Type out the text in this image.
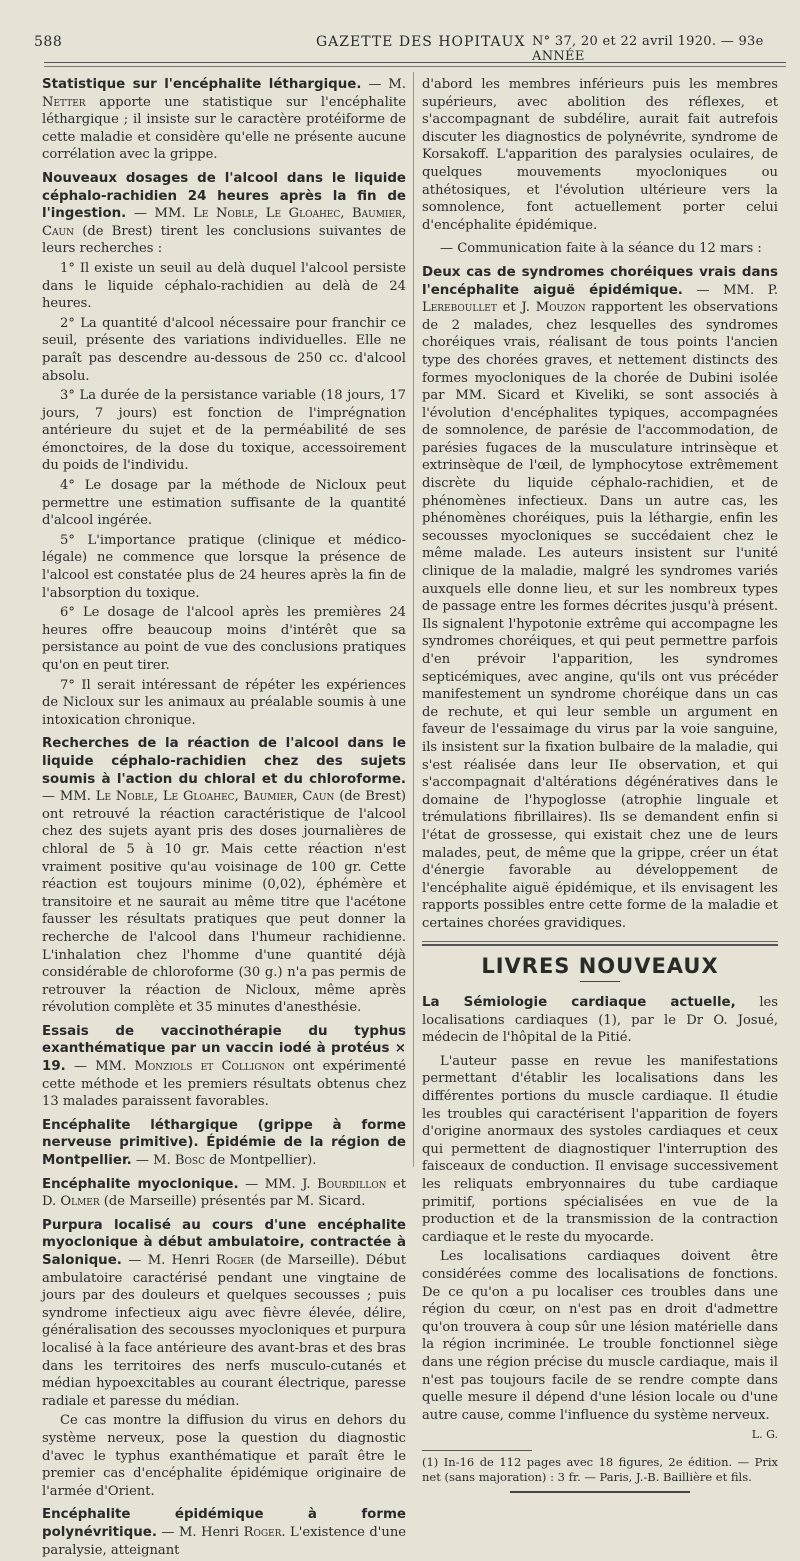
588	GAZETTE DES HOPITAUX N° 37, 20 et 22 avril 1920. — 93e ANNÉE

Statistique sur l'encéphalite léthargique. — M. Netter apporte une statistique sur l'encéphalite léthargique ; il insiste sur le caractère protéiforme de cette maladie et considère qu'elle ne présente aucune corrélation avec la grippe.

Nouveaux dosages de l'alcool dans le liquide céphalo-rachidien 24 heures après la fin de l'ingestion. — MM. Le Noble, Le Gloahec, Baumier, Caun (de Brest) tirent les conclusions suivantes de leurs recherches :

1° Il existe un seuil au delà duquel l'alcool persiste dans le liquide céphalo-rachidien au delà de 24 heures.

2° La quantité d'alcool nécessaire pour franchir ce seuil, présente des variations individuelles. Elle ne paraît pas descendre au-dessous de 250 cc. d'alcool absolu.

3° La durée de la persistance variable (18 jours, 17 jours, 7 jours) est fonction de l'imprégnation antérieure du sujet et de la perméabilité de ses émonctoires, de la dose du toxique, accessoirement du poids de l'individu.

4° Le dosage par la méthode de Nicloux peut permettre une estimation suffisante de la quantité d'alcool ingérée.

5° L'importance pratique (clinique et médico-légale) ne commence que lorsque la présence de l'alcool est constatée plus de 24 heures après la fin de l'absorption du toxique.

6° Le dosage de l'alcool après les premières 24 heures offre beaucoup moins d'intérêt que sa persistance au point de vue des conclusions pratiques qu'on en peut tirer.

7° Il serait intéressant de répéter les expériences de Nicloux sur les animaux au préalable soumis à une intoxication chronique.

Recherches de la réaction de l'alcool dans le liquide céphalo-rachidien chez des sujets soumis à l'action du chloral et du chloroforme. — MM. Le Noble, Le Gloahec, Baumier, Caun (de Brest) ont retrouvé la réaction caractéristique de l'alcool chez des sujets ayant pris des doses journalières de chloral de 5 à 10 gr. Mais cette réaction n'est vraiment positive qu'au voisinage de 100 gr. Cette réaction est toujours minime (0,02), éphémère et transitoire et ne saurait au même titre que l'acétone fausser les résultats pratiques que peut donner la recherche de l'alcool dans l'humeur rachidienne. L'inhalation chez l'homme d'une quantité déjà considérable de chloroforme (30 g.) n'a pas permis de retrouver la réaction de Nicloux, même après révolution complète et 35 minutes d'anesthésie.

Essais de vaccinothérapie du typhus exanthématique par un vaccin iodé à protéus × 19. — MM. Monziols et Collignon ont expérimenté cette méthode et les premiers résultats obtenus chez 13 malades paraissent favorables.

Encéphalite léthargique (grippe à forme nerveuse primitive). Épidémie de la région de Montpellier. — M. Bosc de Montpellier).

Encéphalite myoclonique. — MM. J. Bourdillon et D. Olmer (de Marseille) présentés par M. Sicard.

Purpura localisé au cours d'une encéphalite myoclonique à début ambulatoire, contractée à Salonique. — M. Henri Roger (de Marseille). Début ambulatoire caractérisé pendant une vingtaine de jours par des douleurs et quelques secousses ; puis syndrome infectieux aigu avec fièvre élevée, délire, généralisation des secousses myocloniques et purpura localisé à la face antérieure des avant-bras et des bras dans les territoires des nerfs musculo-cutanés et médian hypoexcitables au courant électrique, paresse radiale et paresse du médian.

Ce cas montre la diffusion du virus en dehors du système nerveux, pose la question du diagnostic d'avec le typhus exanthématique et paraît être le premier cas d'encéphalite épidémique originaire de l'armée d'Orient.

Encéphalite épidémique à forme polynévritique. — M. Henri Roger. L'existence d'une paralysie, atteignant

d'abord les membres inférieurs puis les membres supérieurs, avec abolition des réflexes, et s'accompagnant de subdélire, aurait fait autrefois discuter les diagnostics de polynévrite, syndrome de Korsakoff. L'apparition des paralysies oculaires, de quelques mouvements myocloniques ou athétosiques, et l'évolution ultérieure vers la somnolence, font actuellement porter celui d'encéphalite épidémique.

— Communication faite à la séance du 12 mars :

Deux cas de syndromes choréiques vrais dans l'encéphalite aiguë épidémique. — MM. P. Lereboullet et J. Mouzon rapportent les observations de 2 malades, chez lesquelles des syndromes choréiques vrais, réalisant de tous points l'ancien type des chorées graves, et nettement distincts des formes myocloniques de la chorée de Dubini isolée par MM. Sicard et Kiveliki, se sont associés à l'évolution d'encéphalites typiques, accompagnées de somnolence, de parésie de l'accommodation, de parésies fugaces de la musculature intrinsèque et extrinsèque de l'œil, de lymphocytose extrêmement discrète du liquide céphalo-rachidien, et de phénomènes infectieux. Dans un autre cas, les phénomènes choréiques, puis la léthargie, enfin les secousses myocloniques se succédaient chez le même malade. Les auteurs insistent sur l'unité clinique de la maladie, malgré les syndromes variés auxquels elle donne lieu, et sur les nombreux types de passage entre les formes décrites jusqu'à présent. Ils signalent l'hypotonie extrême qui accompagne les syndromes choréiques, et qui peut permettre parfois d'en prévoir l'apparition, les syndromes septicémiques, avec angine, qu'ils ont vus précéder manifestement un syndrome choréique dans un cas de rechute, et qui leur semble un argument en faveur de l'essaimage du virus par la voie sanguine, ils insistent sur la fixation bulbaire de la maladie, qui s'est réalisée dans leur IIe observation, et qui s'accompagnait d'altérations dégénératives dans le domaine de l'hypoglosse (atrophie linguale et trémulations fibrillaires). Ils se demandent enfin si l'état de grossesse, qui existait chez une de leurs malades, peut, de même que la grippe, créer un état d'énergie favorable au développement de l'encéphalite aiguë épidémique, et ils envisagent les rapports possibles entre cette forme de la maladie et certaines chorées gravidiques.

LIVRES NOUVEAUX

La Sémiologie cardiaque actuelle, les localisations cardiaques (1), par le Dr O. Josué, médecin de l'hôpital de la Pitié.

L'auteur passe en revue les manifestations permettant d'établir les localisations dans les différentes portions du muscle cardiaque. Il étudie les troubles qui caractérisent l'apparition de foyers d'origine anormaux des systoles cardiaques et ceux qui permettent de diagnostiquer l'interruption des faisceaux de conduction. Il envisage successivement les reliquats embryonnaires du tube cardiaque primitif, portions spécialisées en vue de la production et de la transmission de la contraction cardiaque et le reste du myocarde.

Les localisations cardiaques doivent être considérées comme des localisations de fonctions. De ce qu'on a pu localiser ces troubles dans une région du cœur, on n'est pas en droit d'admettre qu'on trouvera à coup sûr une lésion matérielle dans la région incriminée. Le trouble fonctionnel siège dans une région précise du muscle cardiaque, mais il n'est pas toujours facile de se rendre compte dans quelle mesure il dépend d'une lésion locale ou d'une autre cause, comme l'influence du système nerveux.

L. G.

(1) In-16 de 112 pages avec 18 figures, 2e édition. — Prix net (sans majoration) : 3 fr. — Paris, J.-B. Baillière et fils.
